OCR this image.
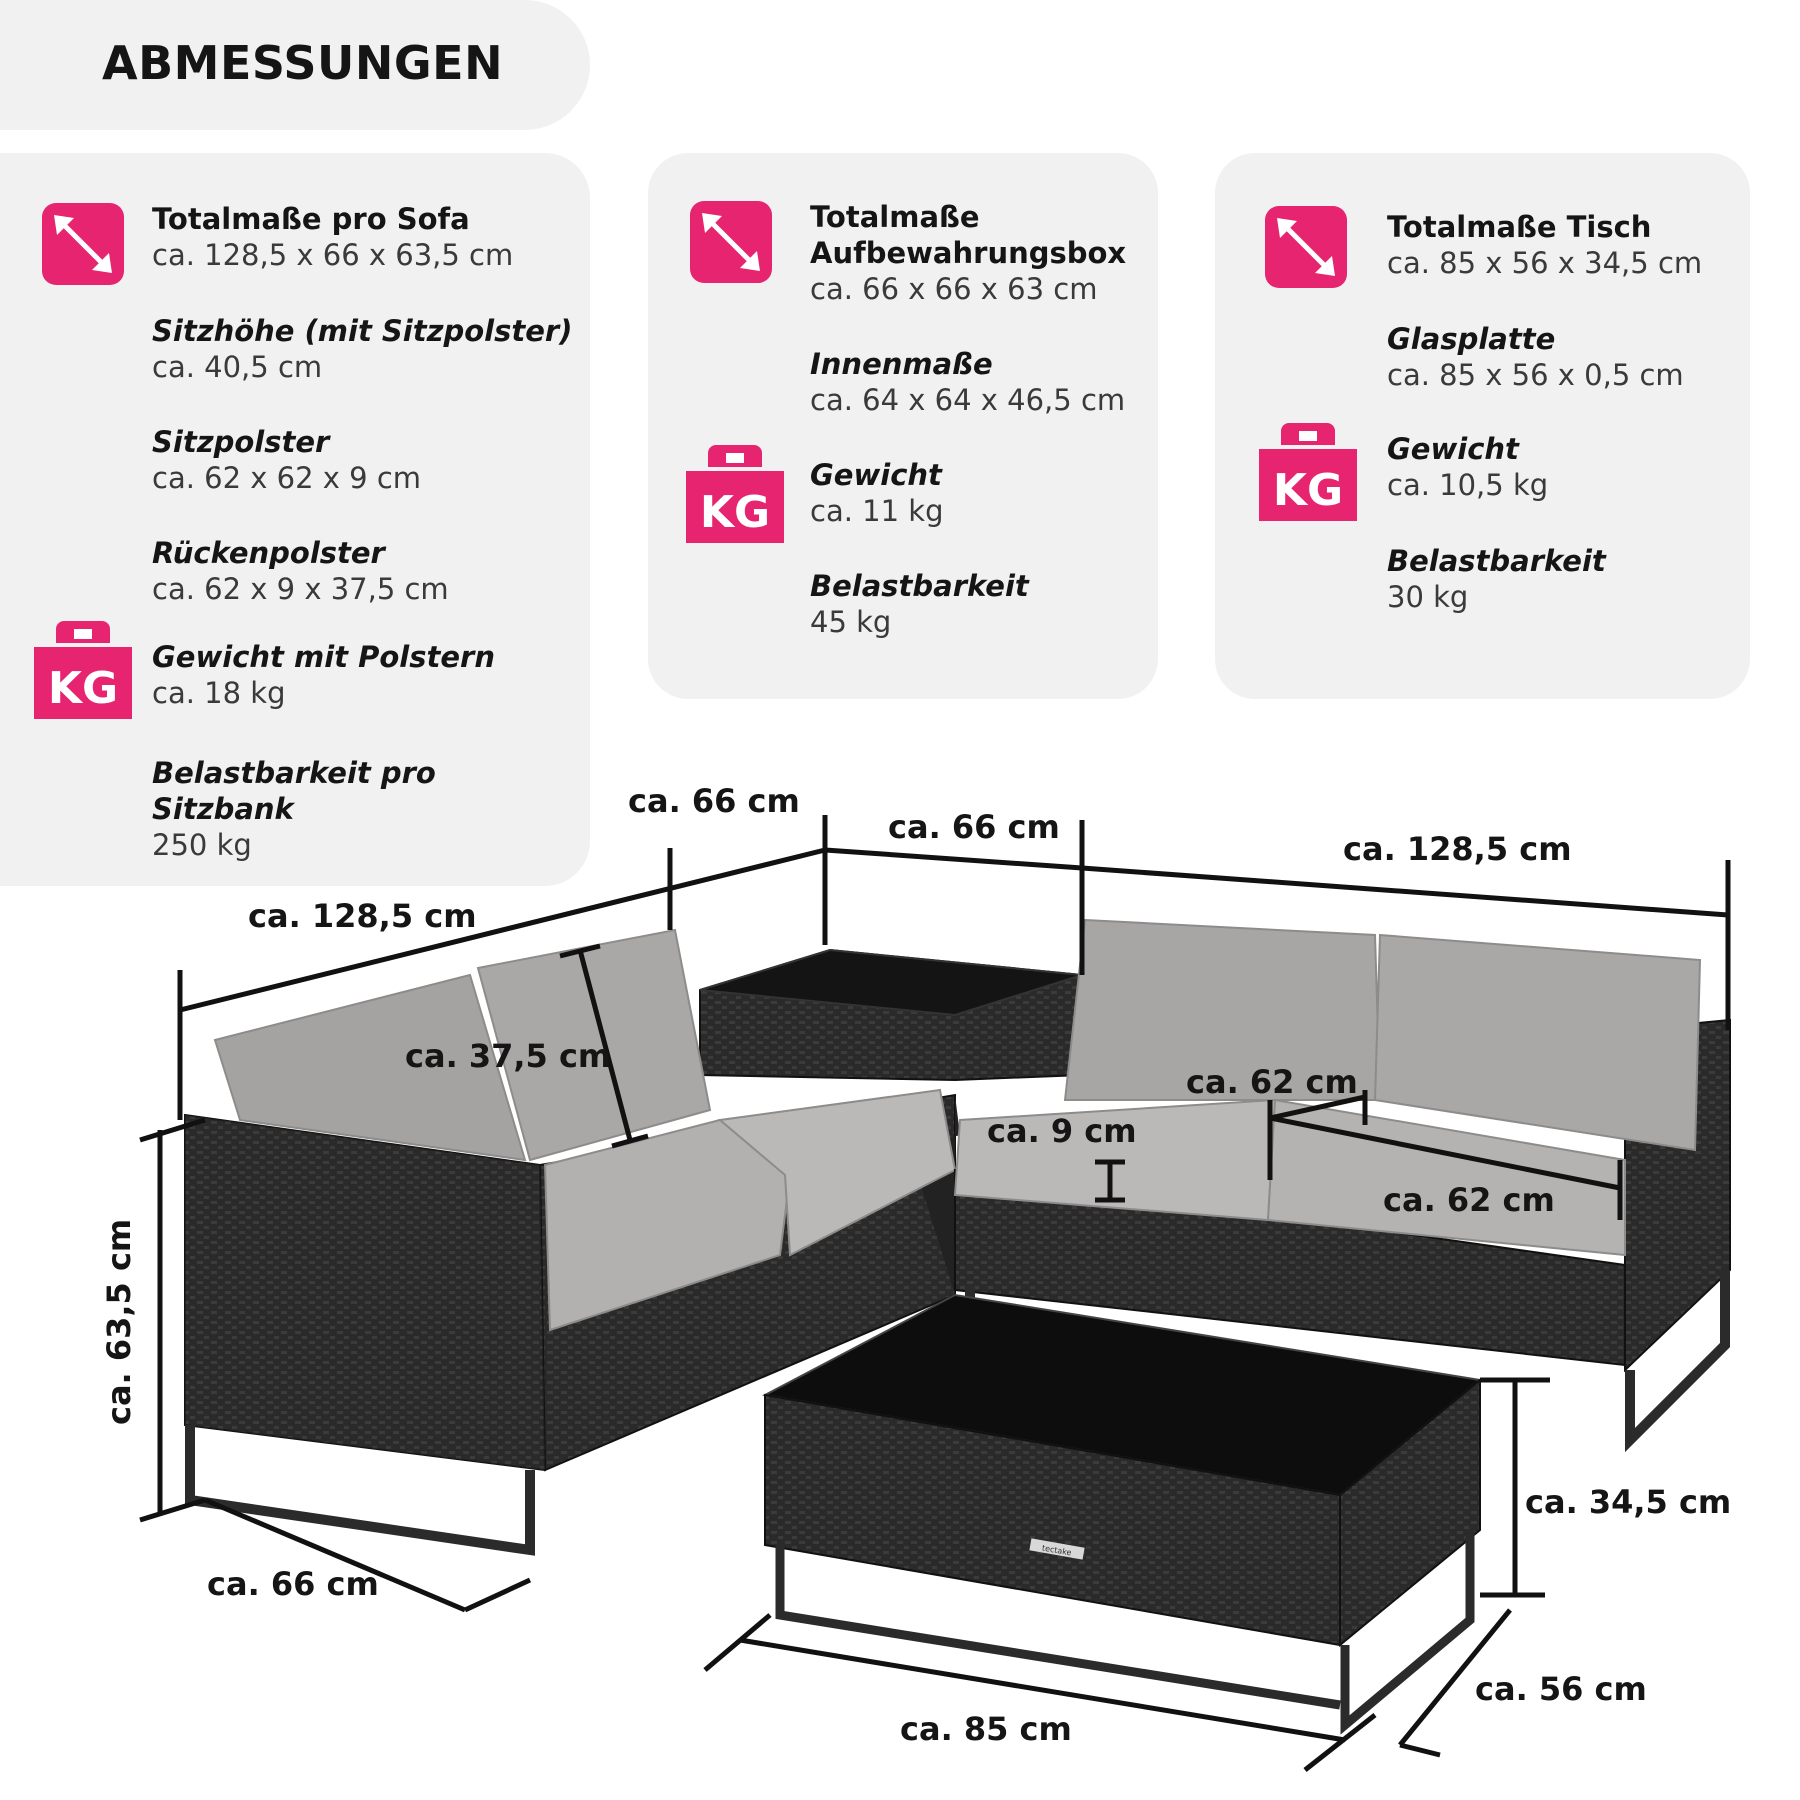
ABMESSUNGEN
Totalmaße pro Sofa
ca. 128,5 x 66 x 63,5 cm
Sitzhöhe (mit Sitzpolster)
ca. 40,5 cm
Sitzpolster
ca. 62 x 62 x 9 cm
Rückenpolster
ca. 62 x 9 x 37,5 cm
KG
Gewicht mit Polstern
ca. 18 kg
Belastbarkeit pro Sitzbank
250 kg
Totalmaße Aufbewahrungsbox
ca. 66 x 66 x 63 cm
Innenmaße
ca. 64 x 64 x 46,5 cm
KG
Gewicht
ca. 11 kg
Belastbarkeit
45 kg
Totalmaße Tisch
ca. 85 x 56 x 34,5 cm
Glasplatte
ca. 85 x 56 x 0,5 cm
KG
Gewicht
ca. 10,5 kg
Belastbarkeit
30 kg
tectake
ca. 128,5 cm
ca. 66 cm
ca. 66 cm
ca. 128,5 cm
ca. 37,5 cm
ca. 62 cm
ca. 9 cm
ca. 62 cm
ca. 63,5 cm
ca. 66 cm
ca. 34,5 cm
ca. 56 cm
ca. 85 cm
